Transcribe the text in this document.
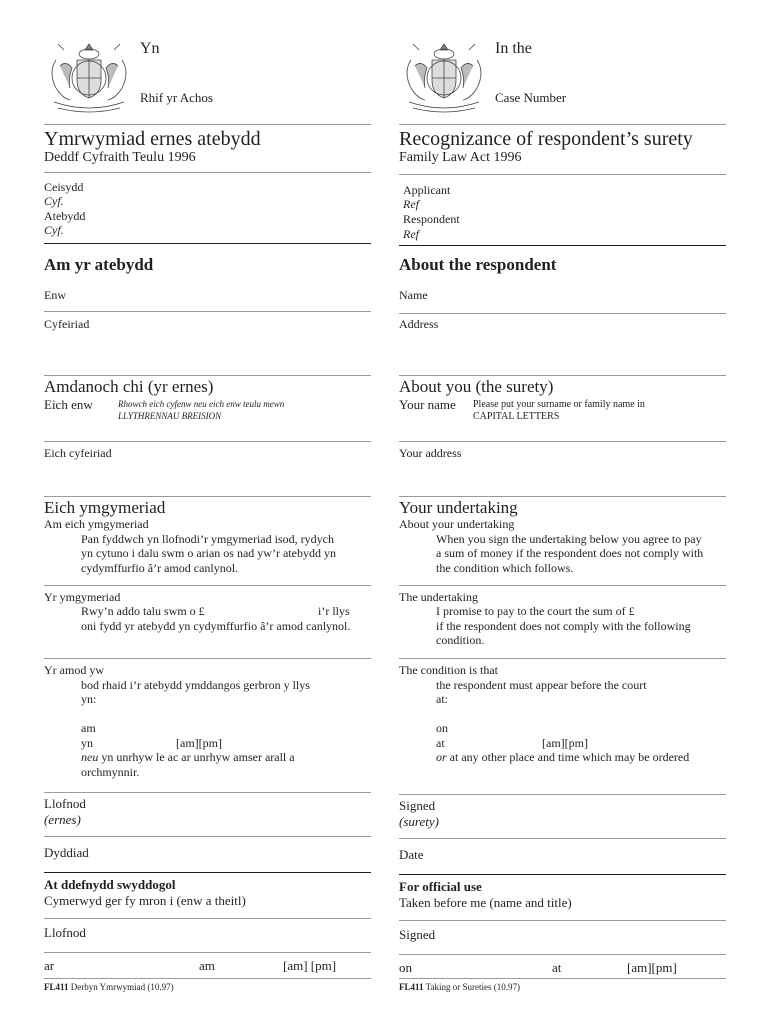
Yn
Rhif yr Achos
In the
Case Number
Ymrwymiad ernes atebydd
Deddf Cyfraith Teulu 1996
Recognizance of respondent’s surety
Family Law Act 1996
Ceisydd
Cyf.
Atebydd
Cyf.
Applicant
Ref
Respondent
Ref
Am yr atebydd	About the respondent
Enw	Name
Cyfeiriad	Address
Amdanoch chi (yr ernes)	About you (the surety)
Eich enw	Rhowch eich cyfenw neu eich enw teulu mewn
LLYTHRENNAU BREISION
Your name Please put your surname or family name in
CAPITAL LETTERS
Eich cyfeiriad	Your address
Eich ymgymeriad	Your undertaking
Am eich ymgymeriad
Pan fyddwch yn llofnodi’r ymgymeriad isod, rydych
yn cytuno i dalu swm o arian os nad yw’r atebydd yn
cydymffurfio â’r amod canlynol.
About your undertaking
When you sign the undertaking below you agree to pay
a sum of money if the respondent does not comply with
the condition which follows.
Yr ymgymeriad
Rwy’n addo talu swm o £	i’r llys
oni fydd yr atebydd yn cydymffurfio â’r amod canlynol.
The undertaking
I promise to pay to the court the sum of £
if the respondent does not comply with the following
condition.
Yr amod yw
bod rhaid i’r atebydd ymddangos gerbron y llys
yn:
am
yn	[am][pm]
neu yn unrhyw le ac ar unrhyw amser arall a
orchmynnir.
The condition is that
the respondent must appear before the court
at:
on
at	[am][pm]
or at any other place and time which may be ordered
Llofnod
(ernes)
Signed
(surety)
Dyddiad	Date
At ddefnydd swyddogol
Cymerwyd ger fy mron i (enw a theitl)
For official use
Taken before me (name and title)
Llofnod	Signed
ar	am	[am] [pm]	on	at	[am][pm]
FL411 Derbyn Ymrwymiad (10.97)	FL411 Taking or Sureties (10.97)
